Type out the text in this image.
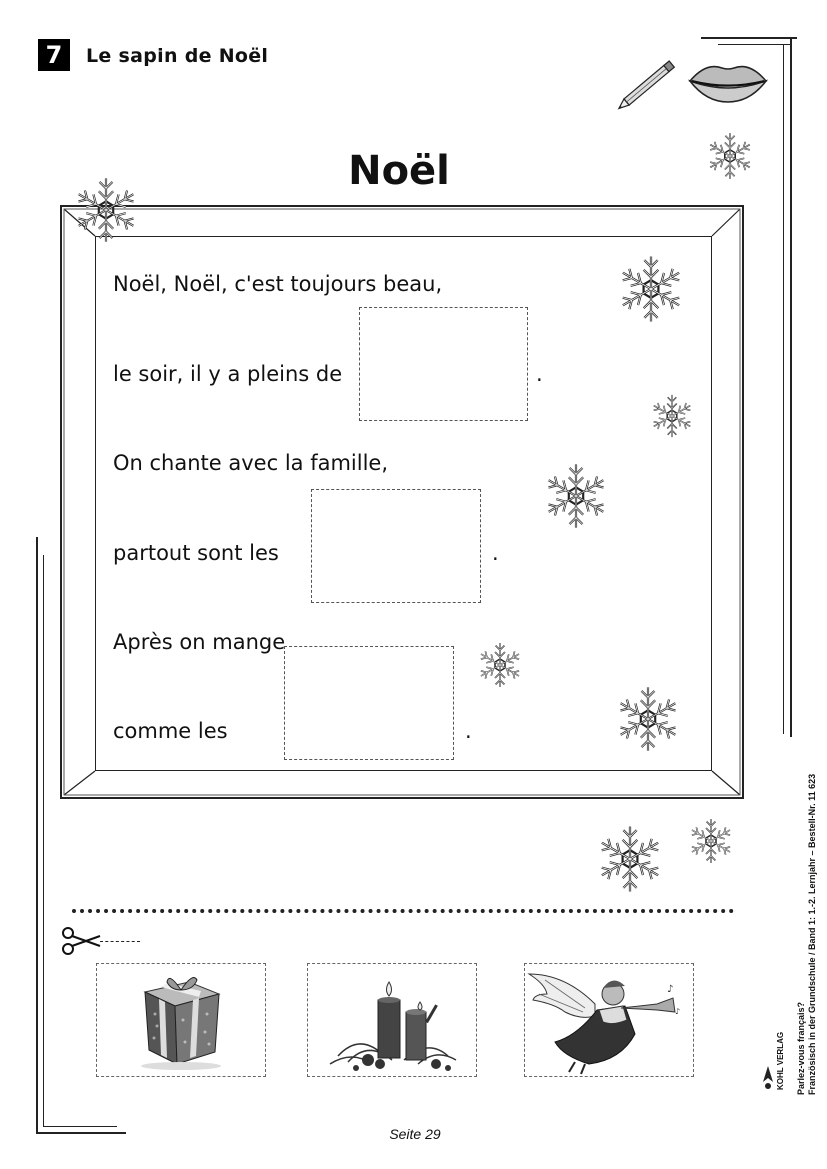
7	Le sapin de Noël
Noël
Noël, Noël, c'est toujours beau,
le soir, il y a pleins de	.
On chante avec la famille,
partout sont les	.
Après on mange
comme les	.
♪
♪	Parlez-vous français? Französisch in der Grundschule / Band 1: 1.-2. Lernjahr – Bestell-Nr. 11 623
KOHL VERLAG
Seite 29
